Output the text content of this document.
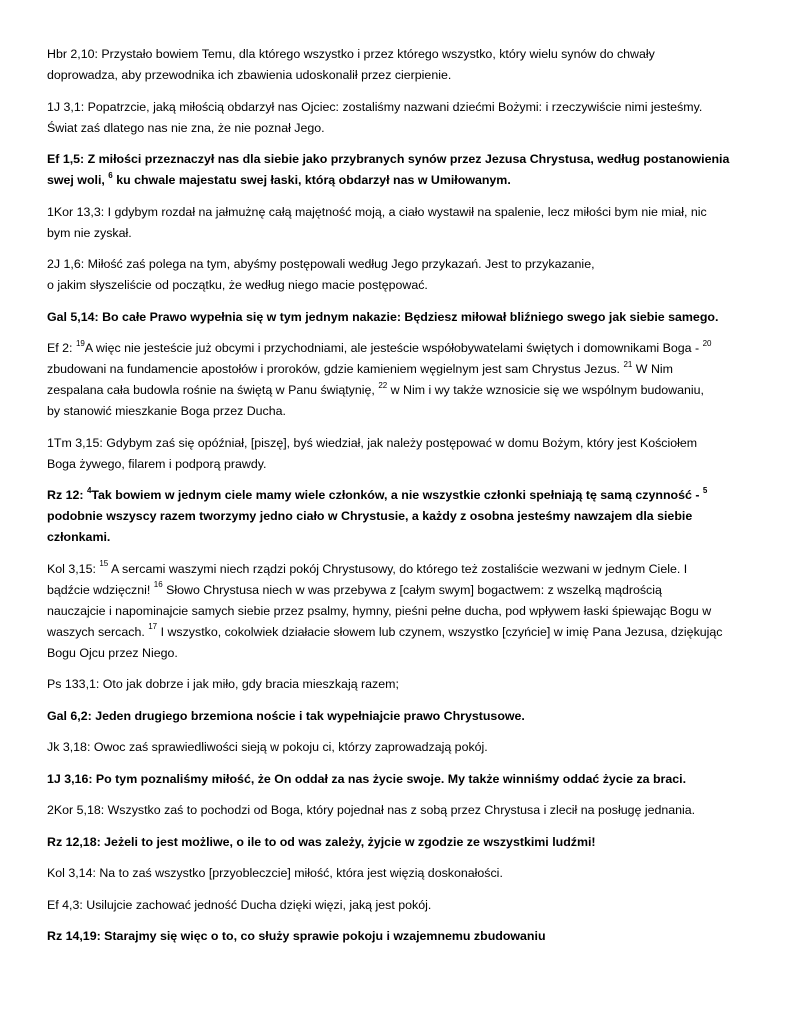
Hbr 2,10: Przystało bowiem Temu, dla którego wszystko i przez którego wszystko, który wielu synów do chwały
doprowadza, aby przewodnika ich zbawienia udoskonalił przez cierpienie.

1J 3,1: Popatrzcie, jaką miłością obdarzył nas Ojciec: zostaliśmy nazwani dziećmi Bożymi: i rzeczywiście nimi jesteśmy.
Świat zaś dlatego nas nie zna, że nie poznał Jego.

Ef 1,5: Z miłości przeznaczył nas dla siebie jako przybranych synów przez Jezusa Chrystusa, według postanowienia
swej woli, $^6$ ku chwale majestatu swej łaski, którą obdarzył nas w Umiłowanym.

1Kor 13,3: I gdybym rozdał na jałmużnę całą majętność moją, a ciało wystawił na spalenie, lecz miłości bym nie miał, nic
bym nie zyskał.

2J 1,6: Miłość zaś polega na tym, abyśmy postępowali według Jego przykazań. Jest to przykazanie,
o jakim słyszeliście od początku, że według niego macie postępować.

Gal 5,14: Bo całe Prawo wypełnia się w tym jednym nakazie: Będziesz miłował bliźniego swego jak siebie samego.

Ef 2: $^{19}$A więc nie jesteście już obcymi i przychodniami, ale jesteście współobywatelami świętych i domownikami Boga - $^{20}$
zbudowani na fundamencie apostołów i proroków, gdzie kamieniem węgielnym jest sam Chrystus Jezus. $^{21}$ W Nim
zespalana cała budowla rośnie na świętą w Panu świątynię, $^{22}$ w Nim i wy także wznosicie się we wspólnym budowaniu,
by stanowić mieszkanie Boga przez Ducha.

1Tm 3,15: Gdybym zaś się opóźniał, [piszę], byś wiedział, jak należy postępować w domu Bożym, który jest Kościołem
Boga żywego, filarem i podporą prawdy.

Rz 12: $^4$Tak bowiem w jednym ciele mamy wiele członków, a nie wszystkie członki spełniają tę samą czynność - $^5$
podobnie wszyscy razem tworzymy jedno ciało w Chrystusie, a każdy z osobna jesteśmy nawzajem dla siebie
członkami.

Kol 3,15: $^{15}$ A sercami waszymi niech rządzi pokój Chrystusowy, do którego też zostaliście wezwani w jednym Ciele. I
bądźcie wdzięczni! $^{16}$ Słowo Chrystusa niech w was przebywa z [całym swym] bogactwem: z wszelką mądrością
nauczajcie i napominajcie samych siebie przez psalmy, hymny, pieśni pełne ducha, pod wpływem łaski śpiewając Bogu w
waszych sercach. $^{17}$ I wszystko, cokolwiek działacie słowem lub czynem, wszystko [czyńcie] w imię Pana Jezusa, dziękując
Bogu Ojcu przez Niego.

Ps 133,1: Oto jak dobrze i jak miło, gdy bracia mieszkają razem;

Gal 6,2: Jeden drugiego brzemiona noście i tak wypełniajcie prawo Chrystusowe.

Jk 3,18: Owoc zaś sprawiedliwości sieją w pokoju ci, którzy zaprowadzają pokój.

1J 3,16: Po tym poznaliśmy miłość, że On oddał za nas życie swoje. My także winniśmy oddać życie za braci.

2Kor 5,18: Wszystko zaś to pochodzi od Boga, który pojednał nas z sobą przez Chrystusa i zlecił na posługę jednania.

Rz 12,18: Jeżeli to jest możliwe, o ile to od was zależy, żyjcie w zgodzie ze wszystkimi ludźmi!

Kol 3,14: Na to zaś wszystko [przyobleczcie] miłość, która jest więzią doskonałości.

Ef 4,3: Usilujcie zachować jedność Ducha dzięki więzi, jaką jest pokój.

Rz 14,19: Starajmy się więc o to, co służy sprawie pokoju i wzajemnemu zbudowaniu
